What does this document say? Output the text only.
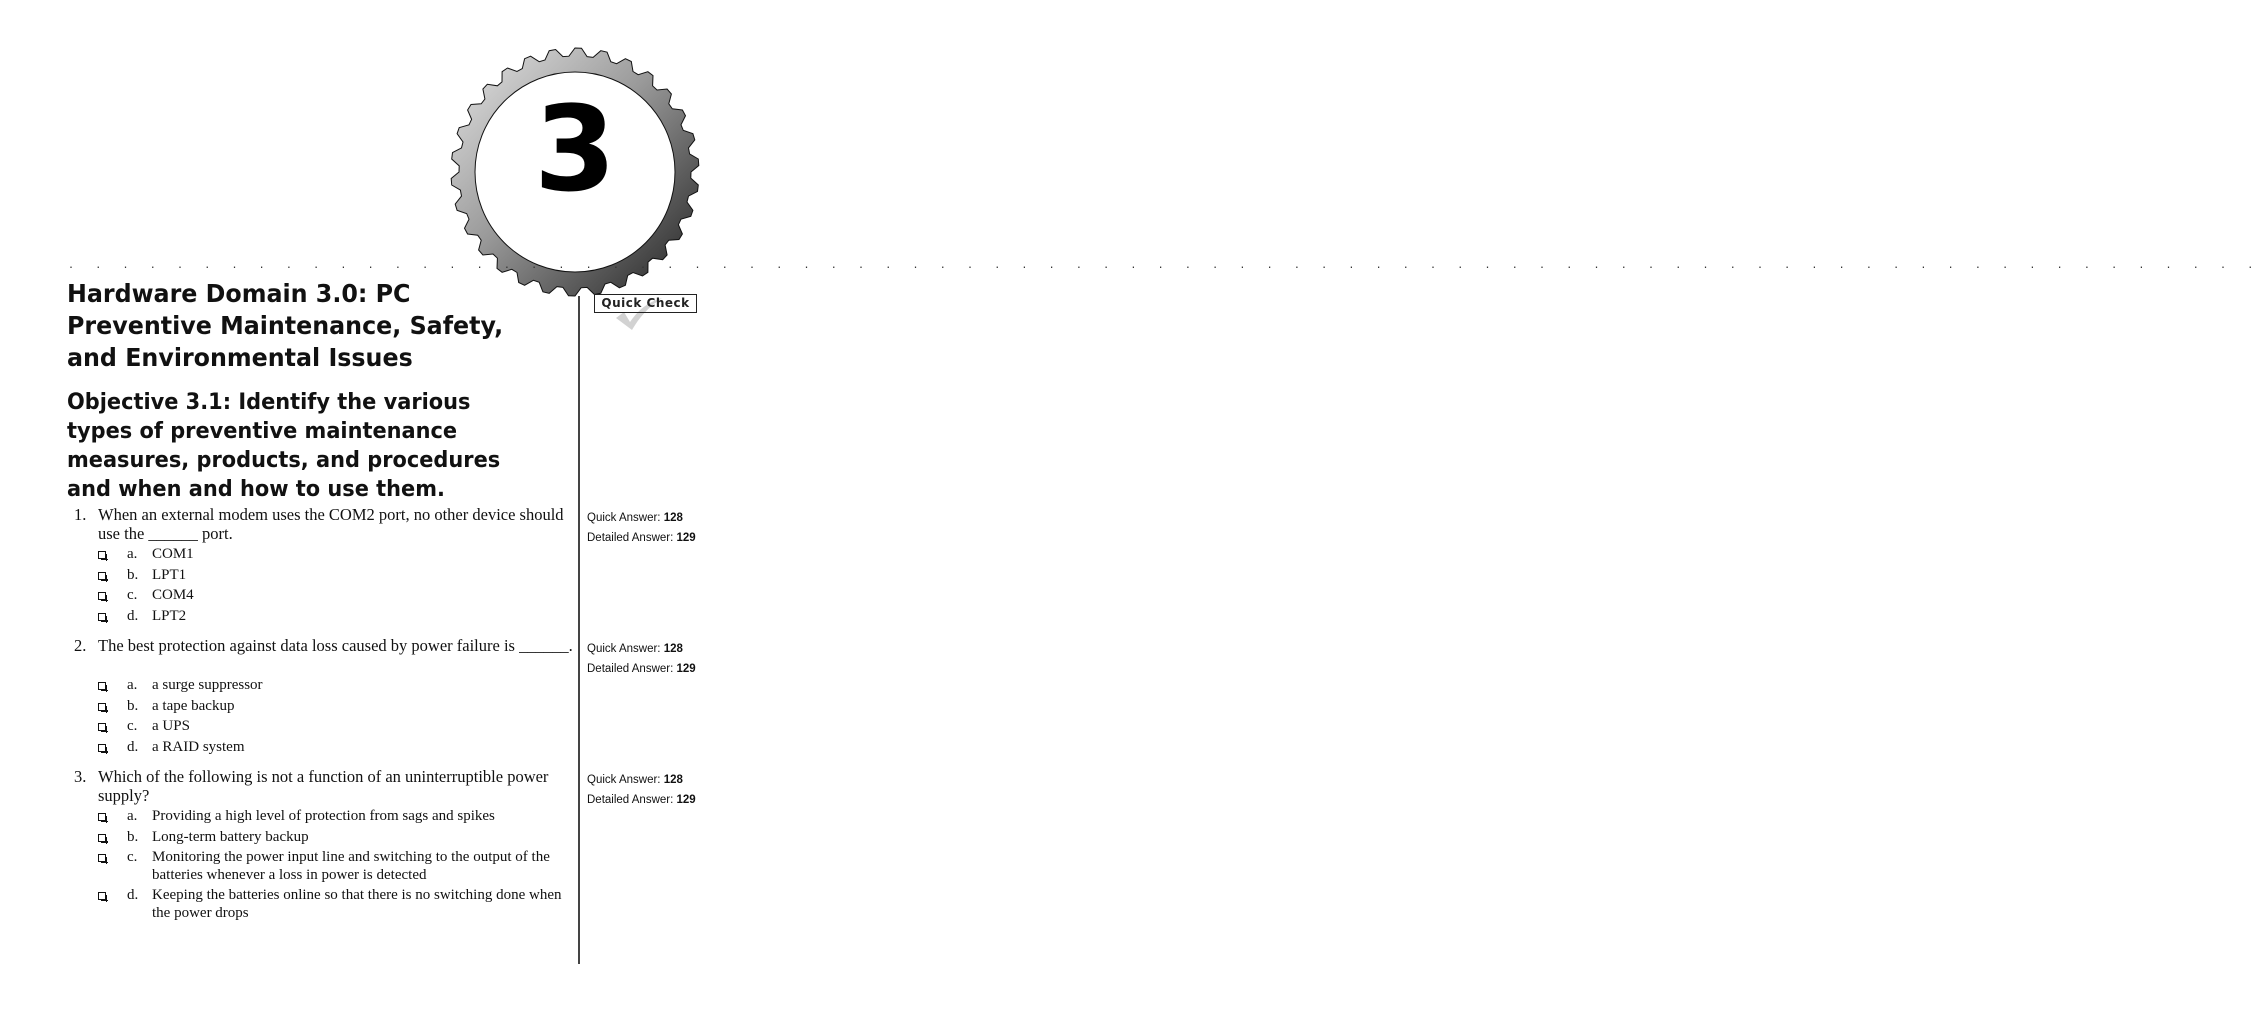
3
. . . . . . . . . . . . . . . . . . . . . . . . . . . . . . . . . . . . . . . . . . . . . . . . . . . . . . . . . . . . . . . . . . . . . . . . . . . . . . . . .
Hardware Domain 3.0: PC Preventive Maintenance, Safety, and Environmental Issues
Objective 3.1: Identify the various types of preventive maintenance measures, products, and procedures and when and how to use them.
Quick Check
1. When an external modem uses the COM2 port, no other device should use the ______ port.
a. COM1
b. LPT1
c. COM4
d. LPT2
Quick Answer: 128
Detailed Answer: 129
2. The best protection against data loss caused by power failure is ______.
a. a surge suppressor
b. a tape backup
c. a UPS
d. a RAID system
Quick Answer: 128
Detailed Answer: 129
3. Which of the following is not a function of an uninterruptible power supply?
a. Providing a high level of protection from sags and spikes
b. Long-term battery backup
c. Monitoring the power input line and switching to the output of the batteries whenever a loss in power is detected
d. Keeping the batteries online so that there is no switching done when the power drops
Quick Answer: 128
Detailed Answer: 129
